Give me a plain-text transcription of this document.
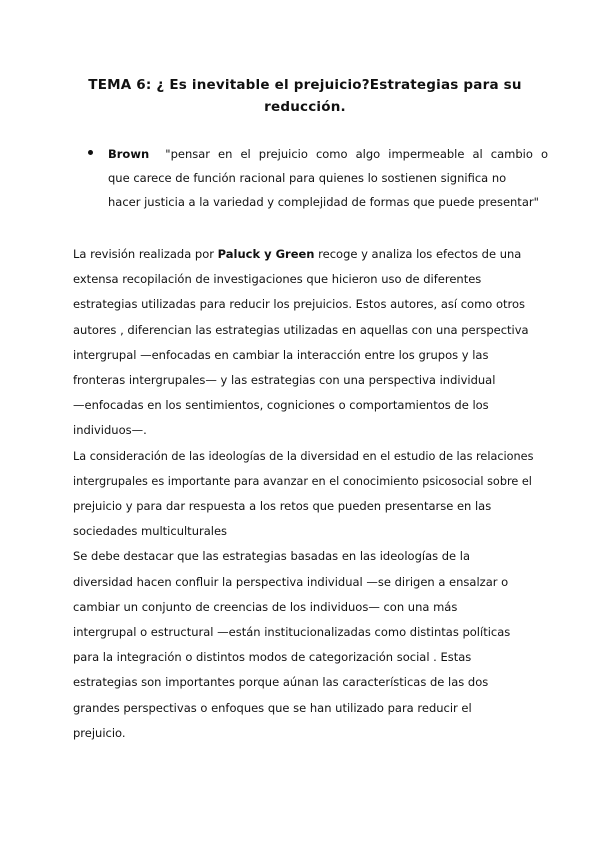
TEMA 6: ¿ Es inevitable el prejuicio?Estrategias para su
reducción.
Brown "pensar en el prejuicio como algo impermeable al cambio o
que carece de función racional para quienes lo sostienen significa no
hacer justicia a la variedad y complejidad de formas que puede presentar"
La revisión realizada por Paluck y Green recoge y analiza los efectos de una
extensa recopilación de investigaciones que hicieron uso de diferentes
estrategias utilizadas para reducir los prejuicios. Estos autores, así como otros
autores , diferencian las estrategias utilizadas en aquellas con una perspectiva
intergrupal —enfocadas en cambiar la interacción entre los grupos y las
fronteras intergrupales— y las estrategias con una perspectiva individual
—enfocadas en los sentimientos, cogniciones o comportamientos de los
individuos—.
La consideración de las ideologías de la diversidad en el estudio de las relaciones
intergrupales es importante para avanzar en el conocimiento psicosocial sobre el
prejuicio y para dar respuesta a los retos que pueden presentarse en las
sociedades multiculturales
Se debe destacar que las estrategias basadas en las ideologías de la
diversidad hacen confluir la perspectiva individual —se dirigen a ensalzar o
cambiar un conjunto de creencias de los individuos— con una más
intergrupal o estructural —están institucionalizadas como distintas políticas
para la integración o distintos modos de categorización social . Estas
estrategias son importantes porque aúnan las características de las dos
grandes perspectivas o enfoques que se han utilizado para reducir el
prejuicio.
